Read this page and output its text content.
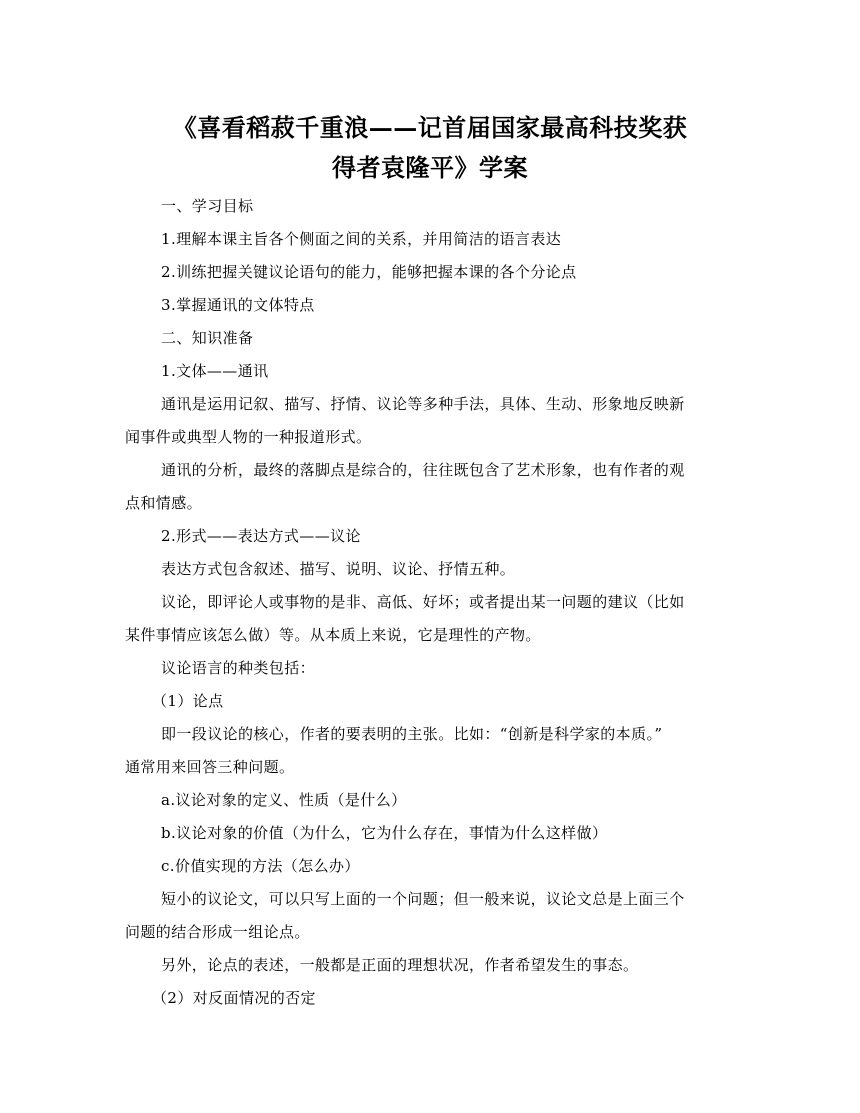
《喜看稻菽千重浪——记首届国家最高科技奖获
得者袁隆平》学案
一、学习目标
1.理解本课主旨各个侧面之间的关系，并用简洁的语言表达
2.训练把握关键议论语句的能力，能够把握本课的各个分论点
3.掌握通讯的文体特点
二、知识准备
1.文体——通讯
通讯是运用记叙、描写、抒情、议论等多种手法，具体、生动、形象地反映新
闻事件或典型人物的一种报道形式。
通讯的分析，最终的落脚点是综合的，往往既包含了艺术形象，也有作者的观
点和情感。
2.形式——表达方式——议论
表达方式包含叙述、描写、说明、议论、抒情五种。
议论，即评论人或事物的是非、高低、好坏；或者提出某一问题的建议（比如
某件事情应该怎么做）等。从本质上来说，它是理性的产物。
议论语言的种类包括：
（1）论点
即一段议论的核心，作者的要表明的主张。比如：“创新是科学家的本质。”
通常用来回答三种问题。
a.议论对象的定义、性质（是什么）
b.议论对象的价值（为什么，它为什么存在，事情为什么这样做）
c.价值实现的方法（怎么办）
短小的议论文，可以只写上面的一个问题；但一般来说，议论文总是上面三个
问题的结合形成一组论点。
另外，论点的表述，一般都是正面的理想状况，作者希望发生的事态。
（2）对反面情况的否定
